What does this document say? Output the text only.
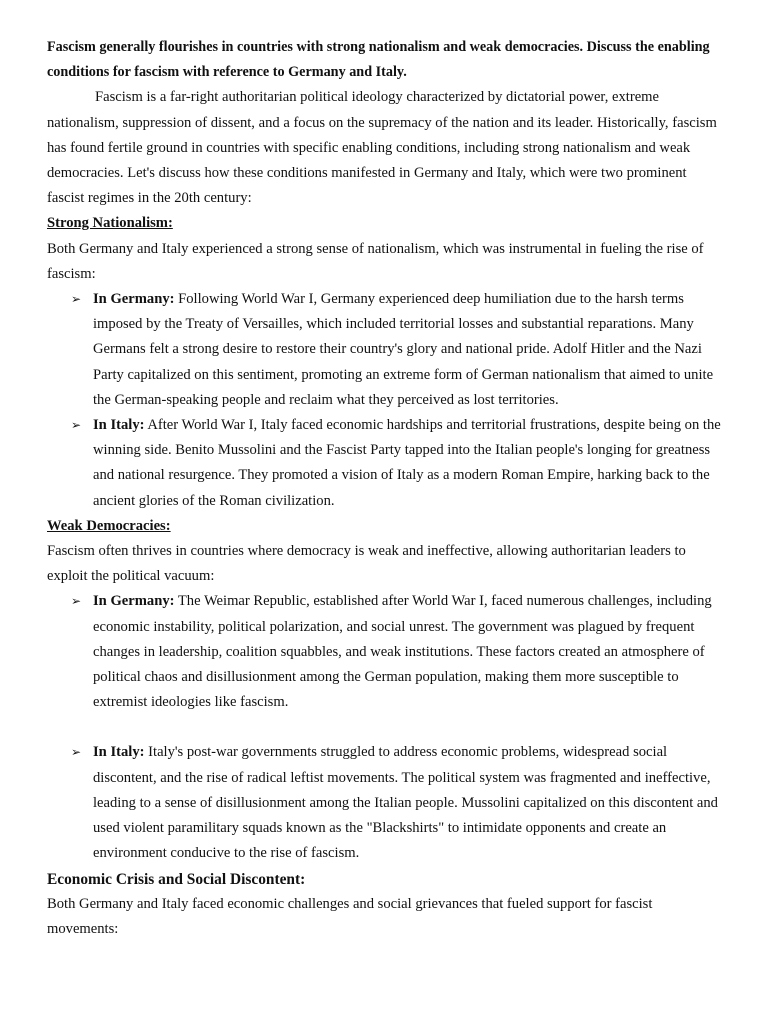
Fascism generally flourishes in countries with strong nationalism and weak democracies. Discuss the enabling conditions for fascism with reference to Germany and Italy.

Fascism is a far-right authoritarian political ideology characterized by dictatorial power, extreme nationalism, suppression of dissent, and a focus on the supremacy of the nation and its leader. Historically, fascism has found fertile ground in countries with specific enabling conditions, including strong nationalism and weak democracies. Let's discuss how these conditions manifested in Germany and Italy, which were two prominent fascist regimes in the 20th century:

Strong Nationalism:

Both Germany and Italy experienced a strong sense of nationalism, which was instrumental in fueling the rise of fascism:

➢ In Germany: Following World War I, Germany experienced deep humiliation due to the harsh terms imposed by the Treaty of Versailles, which included territorial losses and substantial reparations. Many Germans felt a strong desire to restore their country's glory and national pride. Adolf Hitler and the Nazi Party capitalized on this sentiment, promoting an extreme form of German nationalism that aimed to unite the German-speaking people and reclaim what they perceived as lost territories.
➢ In Italy: After World War I, Italy faced economic hardships and territorial frustrations, despite being on the winning side. Benito Mussolini and the Fascist Party tapped into the Italian people's longing for greatness and national resurgence. They promoted a vision of Italy as a modern Roman Empire, harking back to the ancient glories of the Roman civilization.

Weak Democracies:

Fascism often thrives in countries where democracy is weak and ineffective, allowing authoritarian leaders to exploit the political vacuum:

➢ In Germany: The Weimar Republic, established after World War I, faced numerous challenges, including economic instability, political polarization, and social unrest. The government was plagued by frequent changes in leadership, coalition squabbles, and weak institutions. These factors created an atmosphere of political chaos and disillusionment among the German population, making them more susceptible to extremist ideologies like fascism.
➢ In Italy: Italy's post-war governments struggled to address economic problems, widespread social discontent, and the rise of radical leftist movements. The political system was fragmented and ineffective, leading to a sense of disillusionment among the Italian people. Mussolini capitalized on this discontent and used violent paramilitary squads known as the "Blackshirts" to intimidate opponents and create an environment conducive to the rise of fascism.

Economic Crisis and Social Discontent:

Both Germany and Italy faced economic challenges and social grievances that fueled support for fascist movements:
